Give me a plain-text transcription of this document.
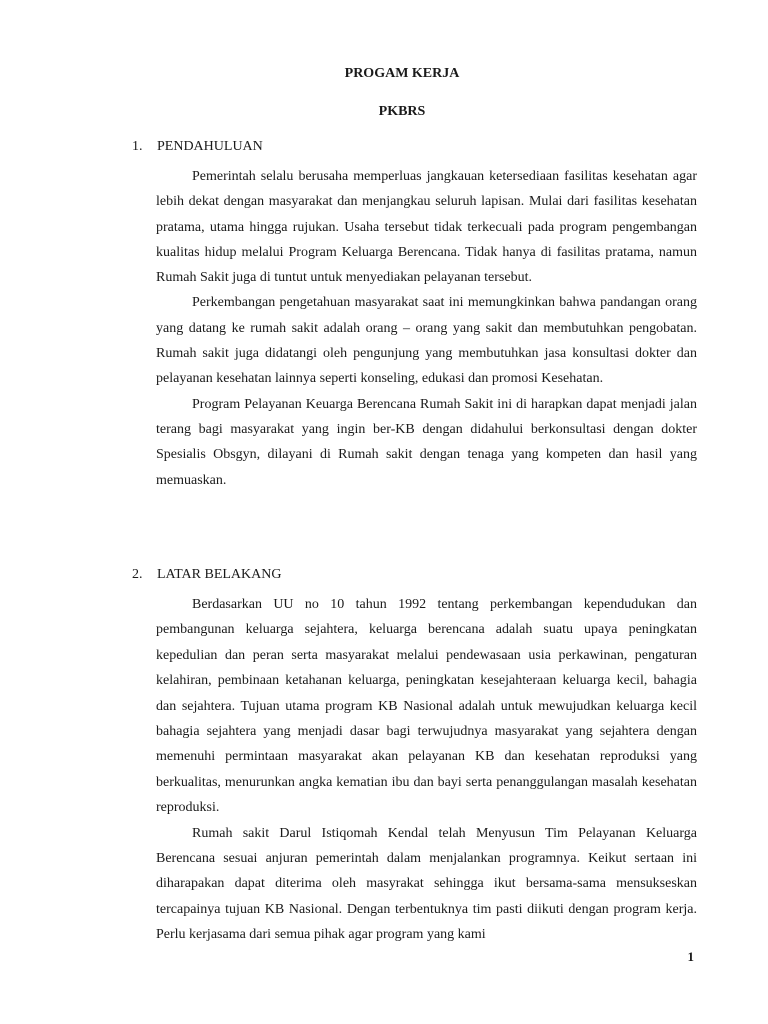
PROGAM KERJA
PKBRS
1. PENDAHULUAN

Pemerintah selalu berusaha memperluas jangkauan ketersediaan fasilitas kesehatan agar lebih dekat dengan masyarakat dan menjangkau seluruh lapisan. Mulai dari fasilitas kesehatan pratama, utama hingga rujukan. Usaha tersebut tidak terkecuali pada program pengembangan kualitas hidup melalui Program Keluarga Berencana. Tidak hanya di fasilitas pratama, namun Rumah Sakit juga di tuntut untuk menyediakan pelayanan tersebut.

Perkembangan pengetahuan masyarakat saat ini memungkinkan bahwa pandangan orang yang datang ke rumah sakit adalah orang – orang yang sakit dan membutuhkan pengobatan. Rumah sakit juga didatangi oleh pengunjung yang membutuhkan jasa konsultasi dokter dan pelayanan kesehatan lainnya seperti konseling, edukasi dan promosi Kesehatan.

Program Pelayanan Keuarga Berencana Rumah Sakit ini di harapkan dapat menjadi jalan terang bagi masyarakat yang ingin ber-KB dengan didahului berkonsultasi dengan dokter Spesialis Obsgyn, dilayani di Rumah sakit dengan tenaga yang kompeten dan hasil yang memuaskan.

2. LATAR BELAKANG

Berdasarkan UU no 10 tahun 1992 tentang perkembangan kependudukan dan pembangunan keluarga sejahtera, keluarga berencana adalah suatu upaya peningkatan kepedulian dan peran serta masyarakat melalui pendewasaan usia perkawinan, pengaturan kelahiran, pembinaan ketahanan keluarga, peningkatan kesejahteraan keluarga kecil, bahagia dan sejahtera. Tujuan utama program KB Nasional adalah untuk mewujudkan keluarga kecil bahagia sejahtera yang menjadi dasar bagi terwujudnya masyarakat yang sejahtera dengan memenuhi permintaan masyarakat akan pelayanan KB dan kesehatan reproduksi yang berkualitas, menurunkan angka kematian ibu dan bayi serta penanggulangan masalah kesehatan reproduksi.

Rumah sakit Darul Istiqomah Kendal telah Menyusun Tim Pelayanan Keluarga Berencana sesuai anjuran pemerintah dalam menjalankan programnya. Keikut sertaan ini diharapakan dapat diterima oleh masyrakat sehingga ikut bersama-sama mensukseskan tercapainya tujuan KB Nasional. Dengan terbentuknya tim pasti diikuti dengan program kerja. Perlu kerjasama dari semua pihak agar program yang kami

1
